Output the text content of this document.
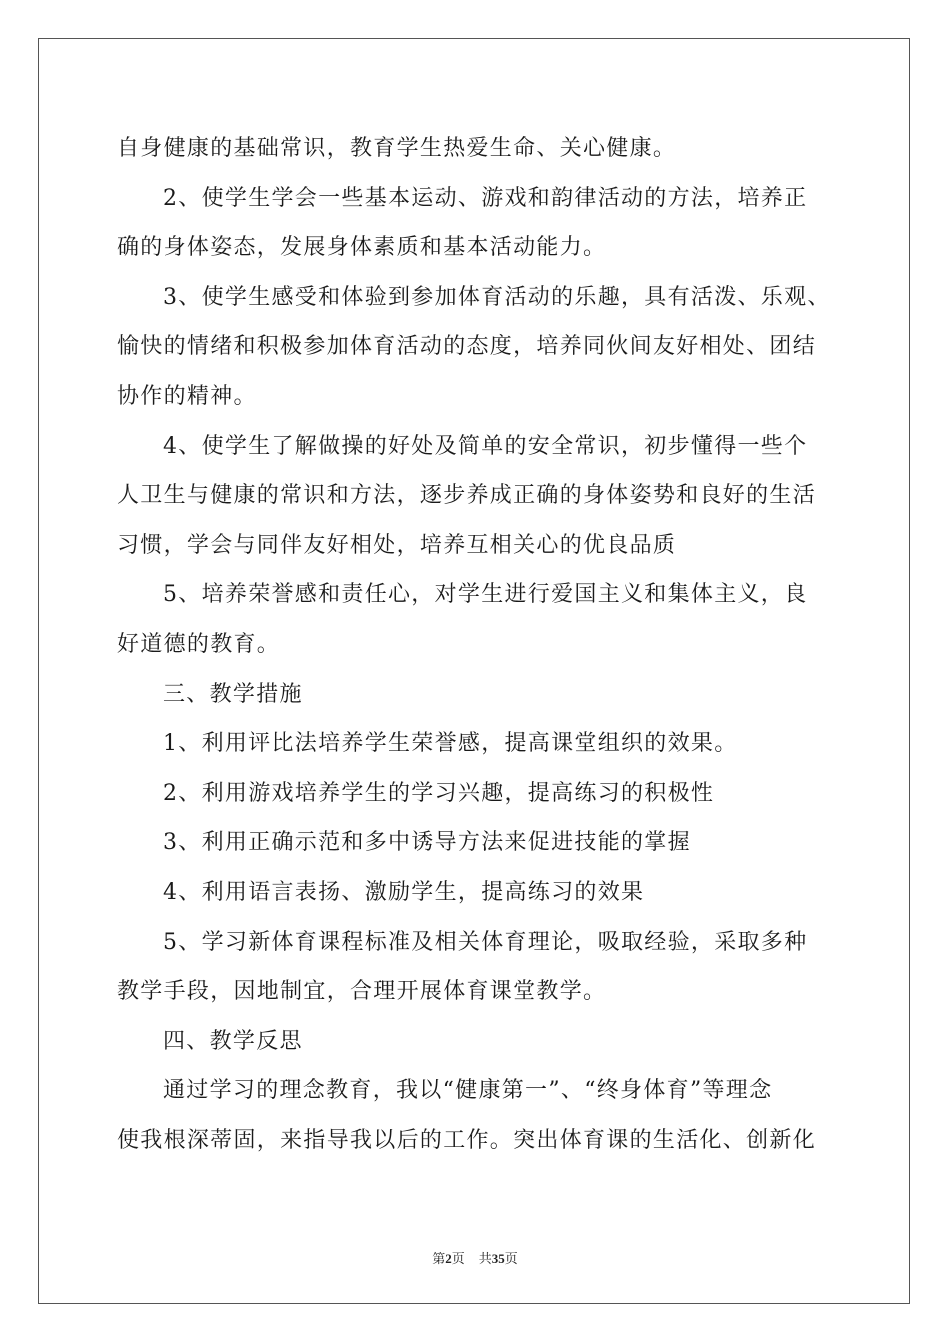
自身健康的基础常识，教育学生热爱生命、关心健康。
2、使学生学会一些基本运动、游戏和韵律活动的方法，培养正
确的身体姿态，发展身体素质和基本活动能力。
3、使学生感受和体验到参加体育活动的乐趣，具有活泼、乐观、
愉快的情绪和积极参加体育活动的态度，培养同伙间友好相处、团结
协作的精神。
4、使学生了解做操的好处及简单的安全常识，初步懂得一些个
人卫生与健康的常识和方法，逐步养成正确的身体姿势和良好的生活
习惯，学会与同伴友好相处，培养互相关心的优良品质
5、培养荣誉感和责任心，对学生进行爱国主义和集体主义，良
好道德的教育。
三、教学措施
1、利用评比法培养学生荣誉感，提高课堂组织的效果。
2、利用游戏培养学生的学习兴趣，提高练习的积极性
3、利用正确示范和多中诱导方法来促进技能的掌握
4、利用语言表扬、激励学生，提高练习的效果
5、学习新体育课程标准及相关体育理论，吸取经验，采取多种
教学手段，因地制宜，合理开展体育课堂教学。
四、教学反思
通过学习的理念教育，我以“健康第一”、“终身体育”等理念
使我根深蒂固，来指导我以后的工作。突出体育课的生活化、创新化
第2页 共35页
